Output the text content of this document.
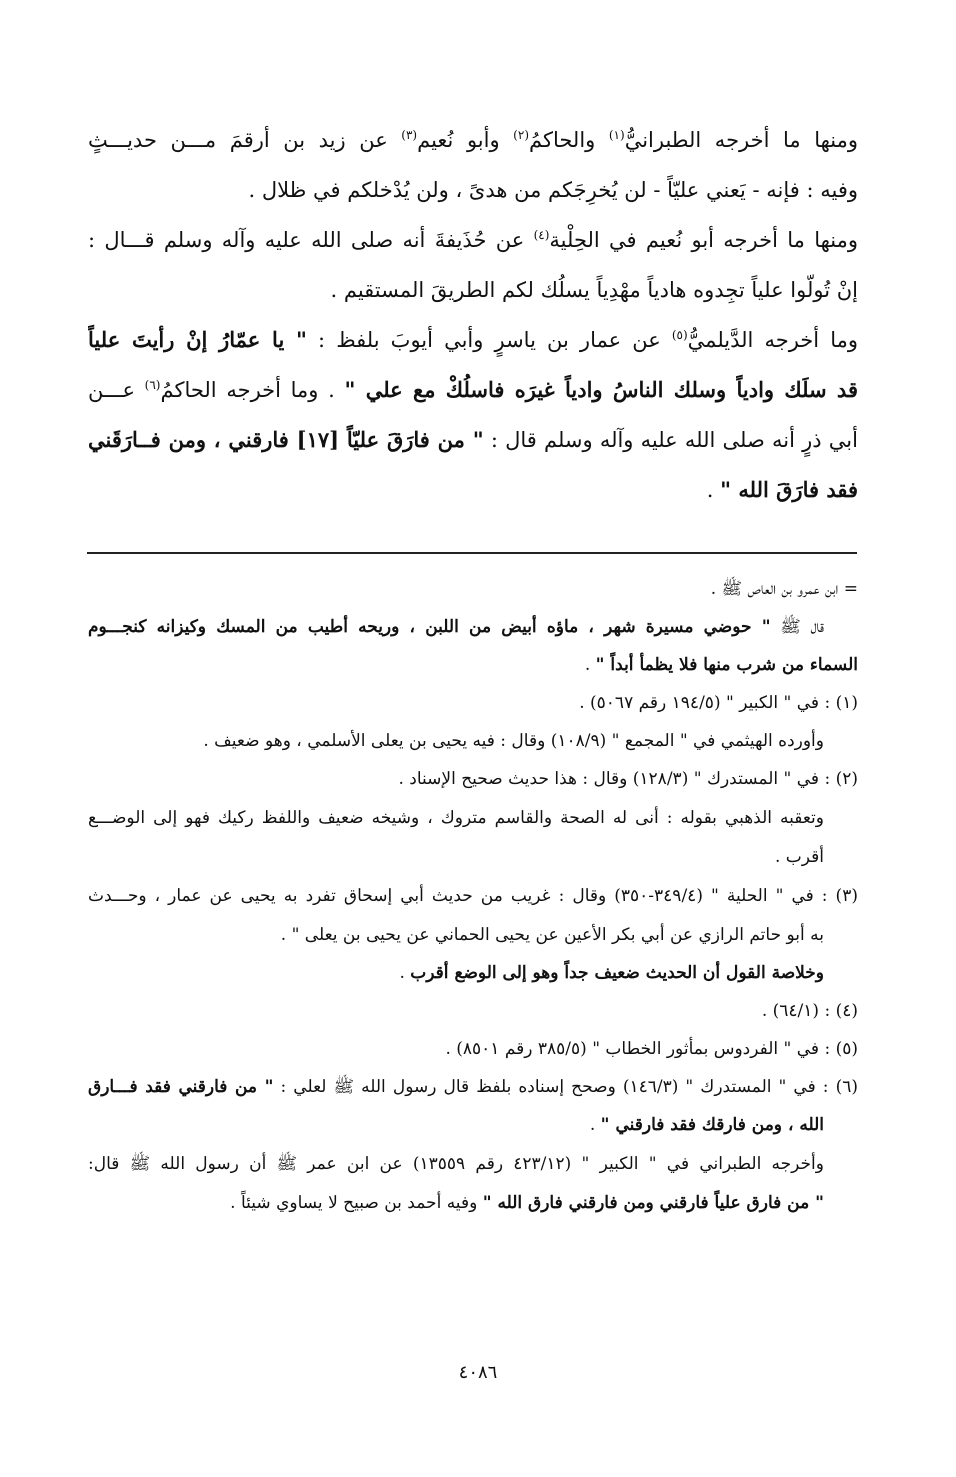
ومنها ما أخرجه الطبرانيُّ$^{(١)}$ والحاكمُ$^{(٢)}$ وأبو نُعيم$^{(٣)}$ عن زيد بن أرقمَ مـــن حديـــثٍ
وفيه : فإنه - يَعني عليّاً - لن يُخرِجَكم من هدىً ، ولن يُدْخلكم في ظلال .
ومنها ما أخرجه أبو نُعيم في الحِلْية$^{(٤)}$ عن حُذَيفةَ أنه صلى الله عليه وآله وسلم قـــال :
إنْ تُولّوا علياً تجِدوه هادياً مهْدِياً يسلُك لكم الطريقَ المستقيم .
وما أخرجه الدَّيلميُّ$^{(٥)}$ عن عمار بن ياسرٍ وأبي أيوبَ بلفظ : " يا عمّارُ إنْ رأيتَ علياً
قد سلَك وادياً وسلك الناسُ وادياً غيرَه فاسلُكْ مع علي " . وما أخرجه الحاكمُ$^{(٦)}$ عـــن
أبي ذرٍ أنه صلى الله عليه وآله وسلم قال : " من فارَقَ عليّاً [١٧] فارقني ، ومن فــارَقَني
فقد فارَقَ الله " .
= ابن عمرو بن العاص ﷺ .
قال ﷺ " حوضي مسيرة شهر ، ماؤه أبيض من اللبن ، وريحه أطيب من المسك وكيزانه كنجـــوم
السماء من شرب منها فلا يظمأ أبداً " .
(١) : في " الكبير " (١٩٤/٥ رقم ٥٠٦٧) .
وأورده الهيثمي في " المجمع " (١٠٨/٩) وقال : فيه يحيى بن يعلى الأسلمي ، وهو ضعيف .
(٢) : في " المستدرك " (١٢٨/٣) وقال : هذا حديث صحيح الإسناد .
وتعقبه الذهبي بقوله : أنى له الصحة والقاسم متروك ، وشيخه ضعيف واللفظ ركيك فهو إلى الوضـــع
أقرب .
(٣) : في " الحلية " (٣٤٩/٤-٣٥٠) وقال : غريب من حديث أبي إسحاق تفرد به يحيى عن عمار ، وحـــدث
به أبو حاتم الرازي عن أبي بكر الأعين عن يحيى الحماني عن يحيى بن يعلى " .
وخلاصة القول أن الحديث ضعيف جداً وهو إلى الوضع أقرب .
(٤) : (٦٤/١) .
(٥) : في " الفردوس بمأثور الخطاب " (٣٨٥/٥ رقم ٨٥٠١) .
(٦) : في " المستدرك " (١٤٦/٣) وصحح إسناده بلفظ قال رسول الله ﷺ لعلي : " من فارقني فقد فـــارق
الله ، ومن فارقك فقد فارقني " .
وأخرجه الطبراني في " الكبير " (٤٢٣/١٢ رقم ١٣٥٥٩) عن ابن عمر ﷺ أن رسول الله ﷺ قال:
" من فارق علياً فارقني ومن فارقني فارق الله " وفيه أحمد بن صبيح لا يساوي شيئاً .
٤٠٨٦
